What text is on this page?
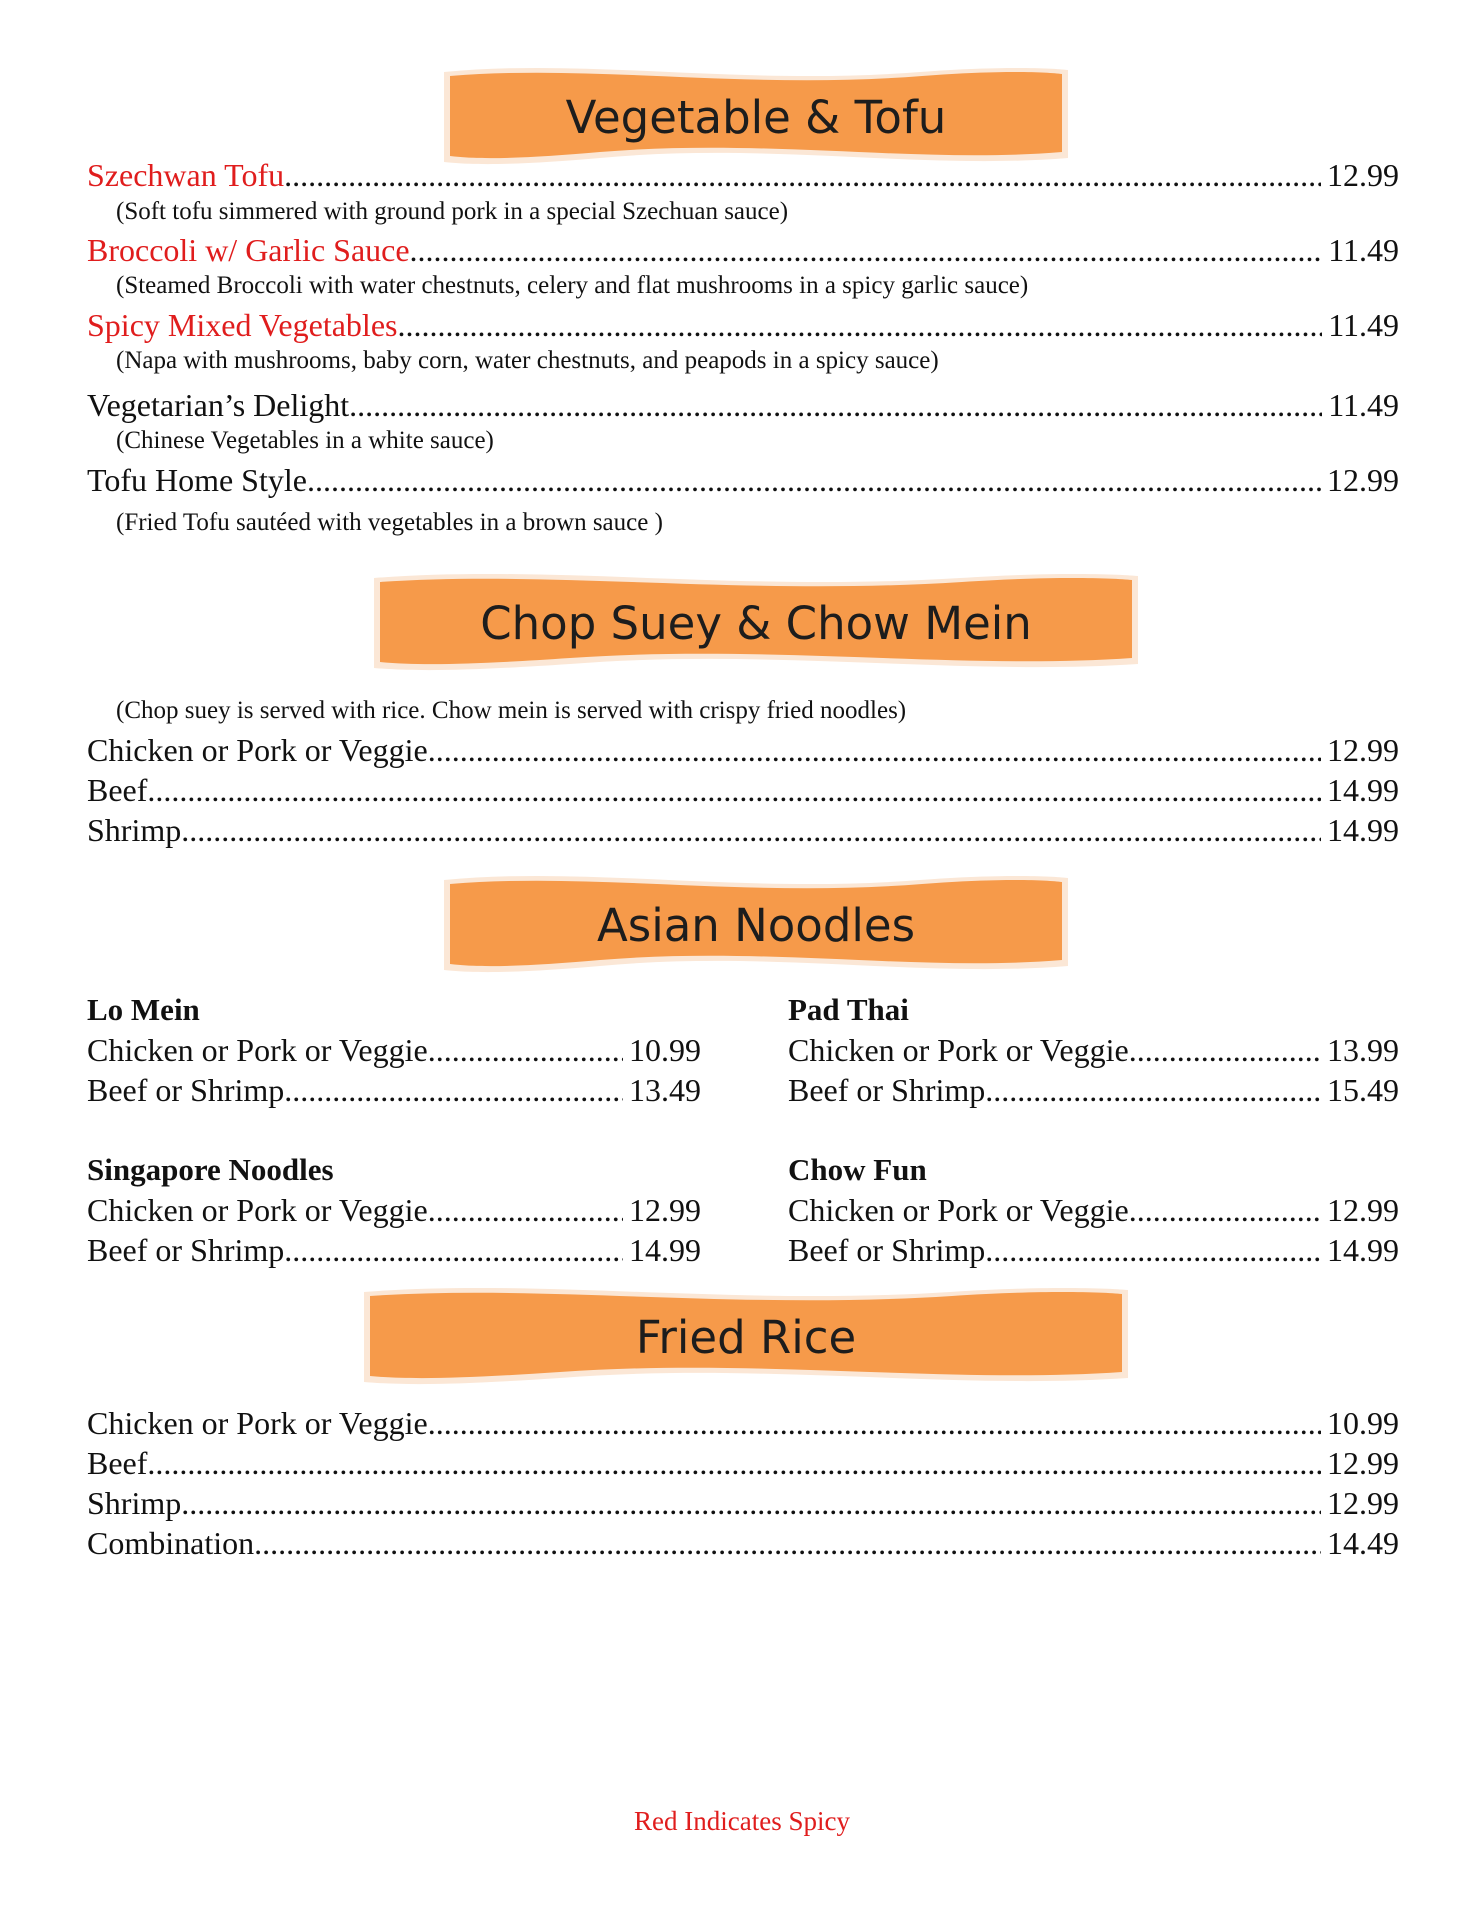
Vegetable & Tofu
Szechwan Tofu .....	12.99
(Soft tofu simmered with ground pork in a special Szechuan sauce)
Broccoli w/ Garlic Sauce .....	11.49
(Steamed Broccoli with water chestnuts, celery and flat mushrooms in a spicy garlic sauce)
Spicy Mixed Vegetables .....	11.49
(Napa with mushrooms, baby corn, water chestnuts, and peapods in a spicy sauce)
Vegetarian’s Delight .....	11.49
(Chinese Vegetables in a white sauce)
Tofu Home Style .....	12.99
(Fried Tofu sautéed with vegetables in a brown sauce )
Chop Suey & Chow Mein
(Chop suey is served with rice. Chow mein is served with crispy fried noodles)
Chicken or Pork or Veggie .....	12.99
Beef .....	14.99
Shrimp .....	14.99
Asian Noodles
Lo Mein
Chicken or Pork or Veggie .....	10.99
Beef or Shrimp .....	13.49
Pad Thai
Chicken or Pork or Veggie .....	13.99
Beef or Shrimp .....	15.49
Singapore Noodles
Chicken or Pork or Veggie .....	12.99
Beef or Shrimp .....	14.99
Chow Fun
Chicken or Pork or Veggie .....	12.99
Beef or Shrimp .....	14.99
Fried Rice
Chicken or Pork or Veggie .....	10.99
Beef .....	12.99
Shrimp .....	12.99
Combination .....	14.49
Red Indicates Spicy
